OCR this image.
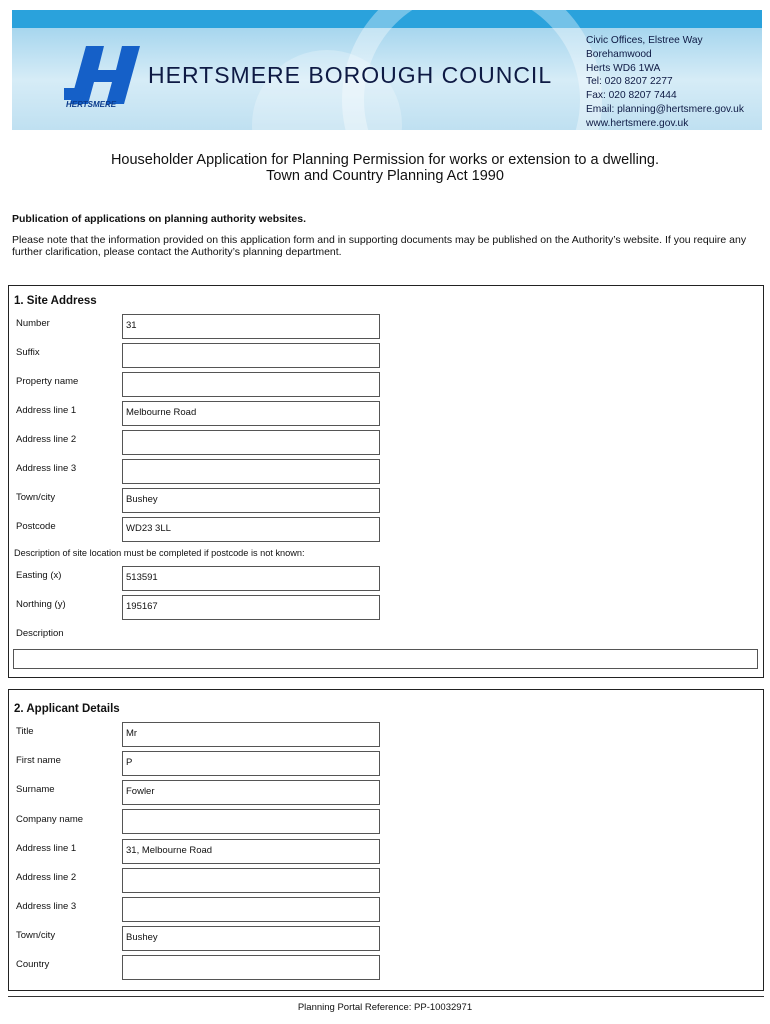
HERTSMERE
HERTSMERE BOROUGH COUNCIL
Civic Offices, Elstree Way
Borehamwood
Herts WD6 1WA
Tel: 020 8207 2277
Fax: 020 8207 7444
Email: planning@hertsmere.gov.uk
www.hertsmere.gov.uk
Householder Application for Planning Permission for works or extension to a dwelling.
Town and Country Planning Act 1990
Publication of applications on planning authority websites.
Please note that the information provided on this application form and in supporting documents may be published on the Authority’s website. If you require any further clarification, please contact the Authority’s planning department.
1. Site Address
Number	31
Suffix
Property name
Address line 1	Melbourne Road
Address line 2
Address line 3
Town/city	Bushey
Postcode	WD23 3LL
Description of site location must be completed if postcode is not known:
Easting (x)	513591
Northing (y)	195167
Description
2. Applicant Details
Title	Mr
First name	P
Surname	Fowler
Company name
Address line 1	31, Melbourne Road
Address line 2
Address line 3
Town/city	Bushey
Country
Planning Portal Reference: PP-10032971
